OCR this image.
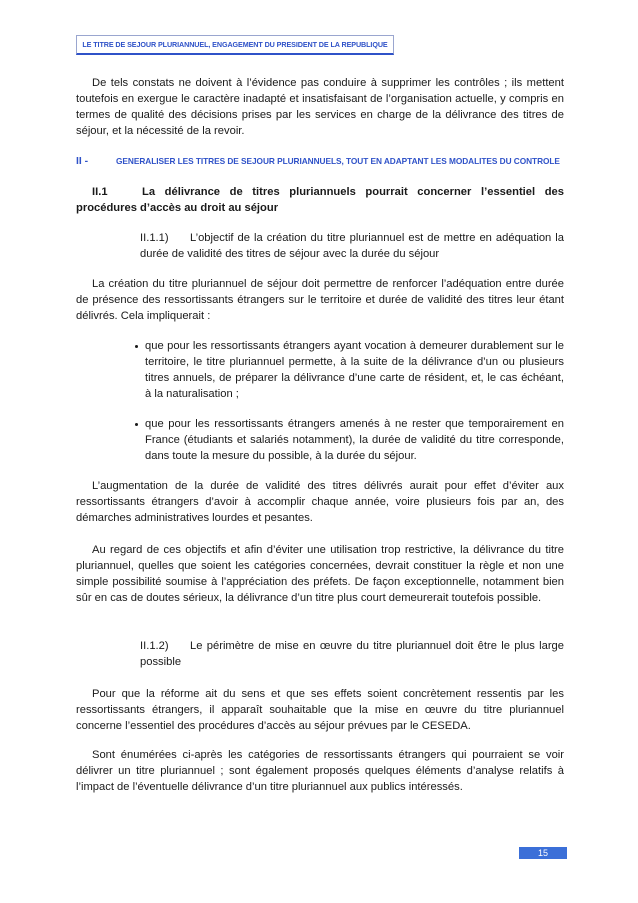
LE TITRE DE SEJOUR PLURIANNUEL, ENGAGEMENT DU PRESIDENT DE LA REPUBLIQUE

De tels constats ne doivent à l’évidence pas conduire à supprimer les contrôles ; ils mettent toutefois en exergue le caractère inadapté et insatisfaisant de l’organisation actuelle, y compris en termes de qualité des décisions prises par les services en charge de la délivrance des titres de séjour, et la nécessité de la revoir.

II -	GENERALISER LES TITRES DE SEJOUR PLURIANNUELS, TOUT EN ADAPTANT LES MODALITES DU CONTROLE
II.1	La délivrance de titres pluriannuels pourrait concerner l’essentiel des procédures d’accès au droit au séjour
II.1.1) L’objectif de la création du titre pluriannuel est de mettre en adéquation la durée de validité des titres de séjour avec la durée du séjour

La création du titre pluriannuel de séjour doit permettre de renforcer l’adéquation entre durée de présence des ressortissants étrangers sur le territoire et durée de validité des titres leur étant délivrés. Cela impliquerait :

que pour les ressortissants étrangers ayant vocation à demeurer durablement sur le territoire, le titre pluriannuel permette, à la suite de la délivrance d’un ou plusieurs titres annuels, de préparer la délivrance d’une carte de résident, et, le cas échéant, à la naturalisation ;
que pour les ressortissants étrangers amenés à ne rester que temporairement en France (étudiants et salariés notamment), la durée de validité du titre corresponde, dans toute la mesure du possible, à la durée du séjour.

L’augmentation de la durée de validité des titres délivrés aurait pour effet d’éviter aux ressortissants étrangers d’avoir à accomplir chaque année, voire plusieurs fois par an, des démarches administratives lourdes et pesantes.

Au regard de ces objectifs et afin d’éviter une utilisation trop restrictive, la délivrance du titre pluriannuel, quelles que soient les catégories concernées, devrait constituer la règle et non une simple possibilité soumise à l’appréciation des préfets. De façon exceptionnelle, notamment bien sûr en cas de doutes sérieux, la délivrance d’un titre plus court demeurerait toutefois possible.

II.1.2) Le périmètre de mise en œuvre du titre pluriannuel doit être le plus large possible

Pour que la réforme ait du sens et que ses effets soient concrètement ressentis par les ressortissants étrangers, il apparaît souhaitable que la mise en œuvre du titre pluriannuel concerne l’essentiel des procédures d’accès au séjour prévues par le CESEDA.

Sont énumérées ci-après les catégories de ressortissants étrangers qui pourraient se voir délivrer un titre pluriannuel ; sont également proposés quelques éléments d’analyse relatifs à l’impact de l’éventuelle délivrance d’un titre pluriannuel aux publics intéressés.

15
